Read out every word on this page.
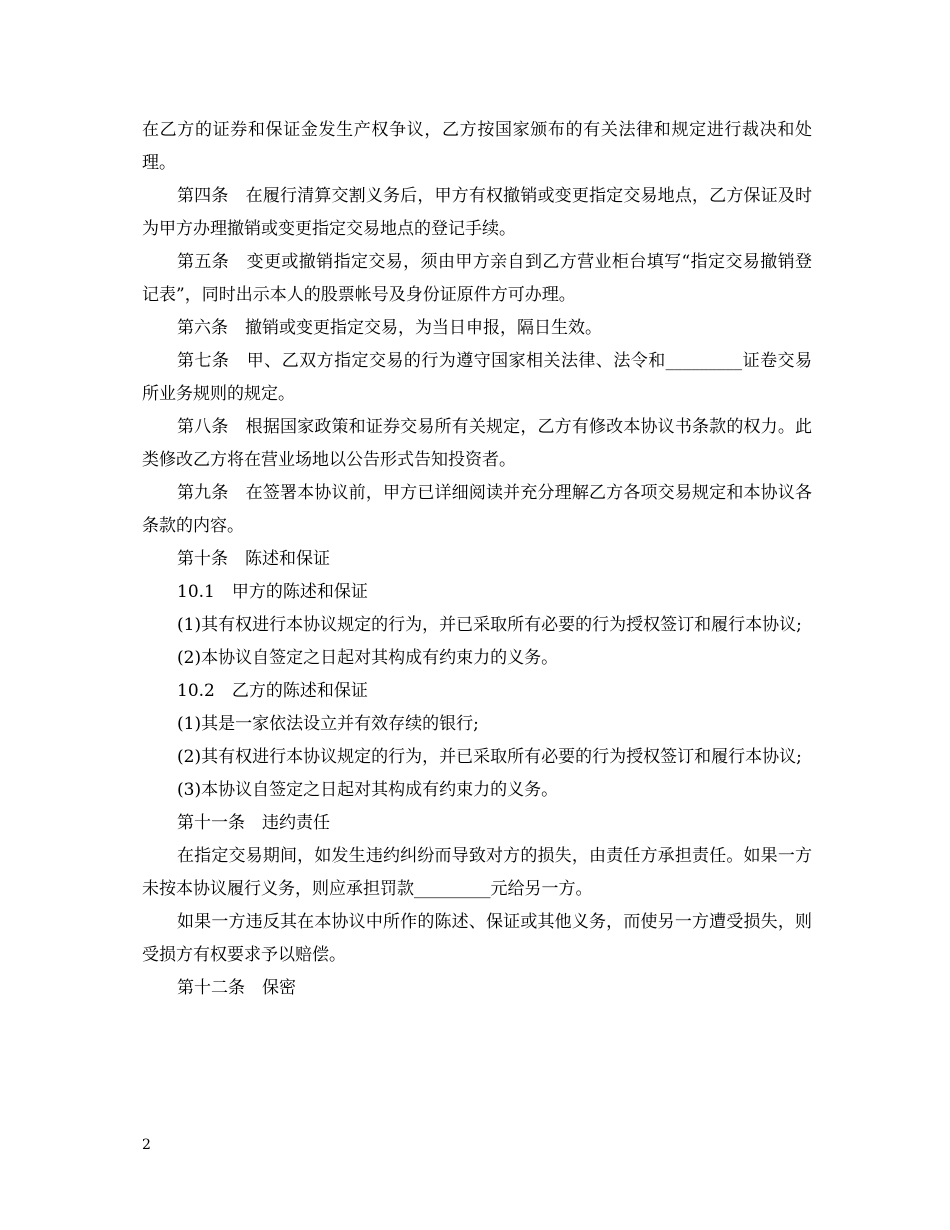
在乙方的证券和保证金发生产权争议，乙方按国家颁布的有关法律和规定进行裁决和处理。

第四条　在履行清算交割义务后，甲方有权撤销或变更指定交易地点，乙方保证及时为甲方办理撤销或变更指定交易地点的登记手续。

第五条　变更或撤销指定交易，须由甲方亲自到乙方营业柜台填写“指定交易撤销登记表”，同时出示本人的股票帐号及身份证原件方可办理。

第六条　撤销或变更指定交易，为当日申报，隔日生效。

第七条　甲、乙双方指定交易的行为遵守国家相关法律、法令和_________证卷交易所业务规则的规定。

第八条　根据国家政策和证券交易所有关规定，乙方有修改本协议书条款的权力。此类修改乙方将在营业场地以公告形式告知投资者。

第九条　在签署本协议前，甲方已详细阅读并充分理解乙方各项交易规定和本协议各条款的内容。

第十条　陈述和保证

10.1　甲方的陈述和保证

(1)其有权进行本协议规定的行为，并已采取所有必要的行为授权签订和履行本协议;

(2)本协议自签定之日起对其构成有约束力的义务。

10.2　乙方的陈述和保证

(1)其是一家依法设立并有效存续的银行;

(2)其有权进行本协议规定的行为，并已采取所有必要的行为授权签订和履行本协议;

(3)本协议自签定之日起对其构成有约束力的义务。

第十一条　违约责任

在指定交易期间，如发生违约纠纷而导致对方的损失，由责任方承担责任。如果一方未按本协议履行义务，则应承担罚款_________元给另一方。

如果一方违反其在本协议中所作的陈述、保证或其他义务，而使另一方遭受损失，则受损方有权要求予以赔偿。

第十二条　保密

2
